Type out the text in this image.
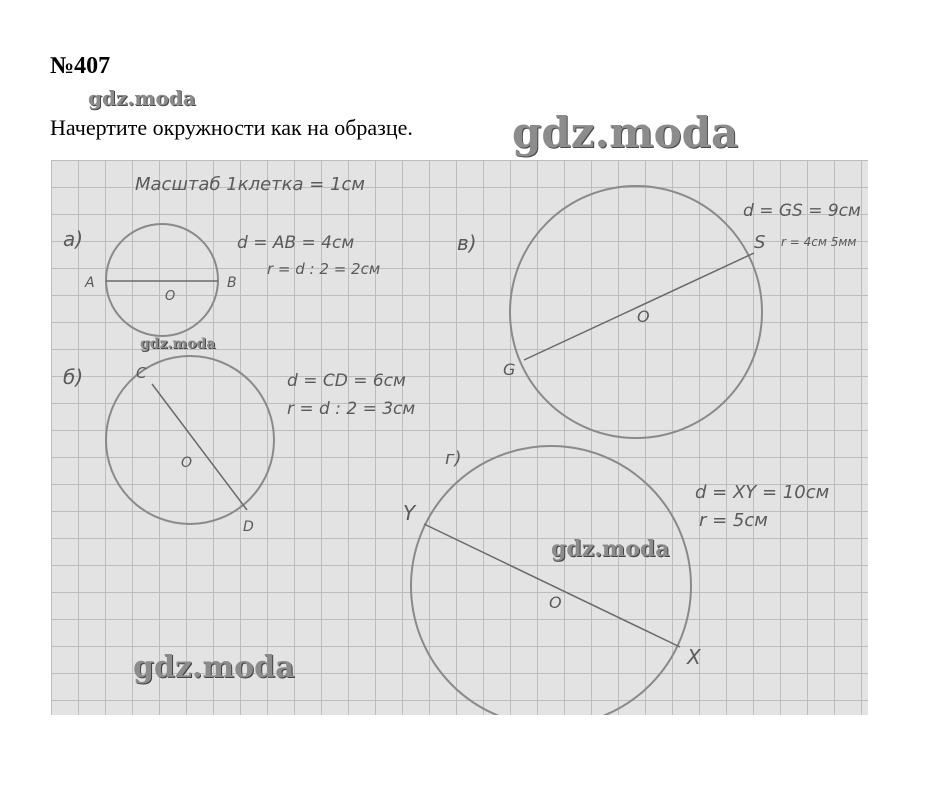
№407
gdz.moda
Начертите окружности как на образце. gdz.moda
Масштаб 1клетка = 1см
а)
A	B
O
d = AB = 4см
r = d : 2 = 2см
б)	C
D
O
d = CD = 6см
r = d : 2 = 3см
в)
G
S
O
d = GS = 9см
r = 4см 5мм
г)
Y
X
O
d = XY = 10см
r = 5см
gdz.moda
gdz.moda
gdz.moda
